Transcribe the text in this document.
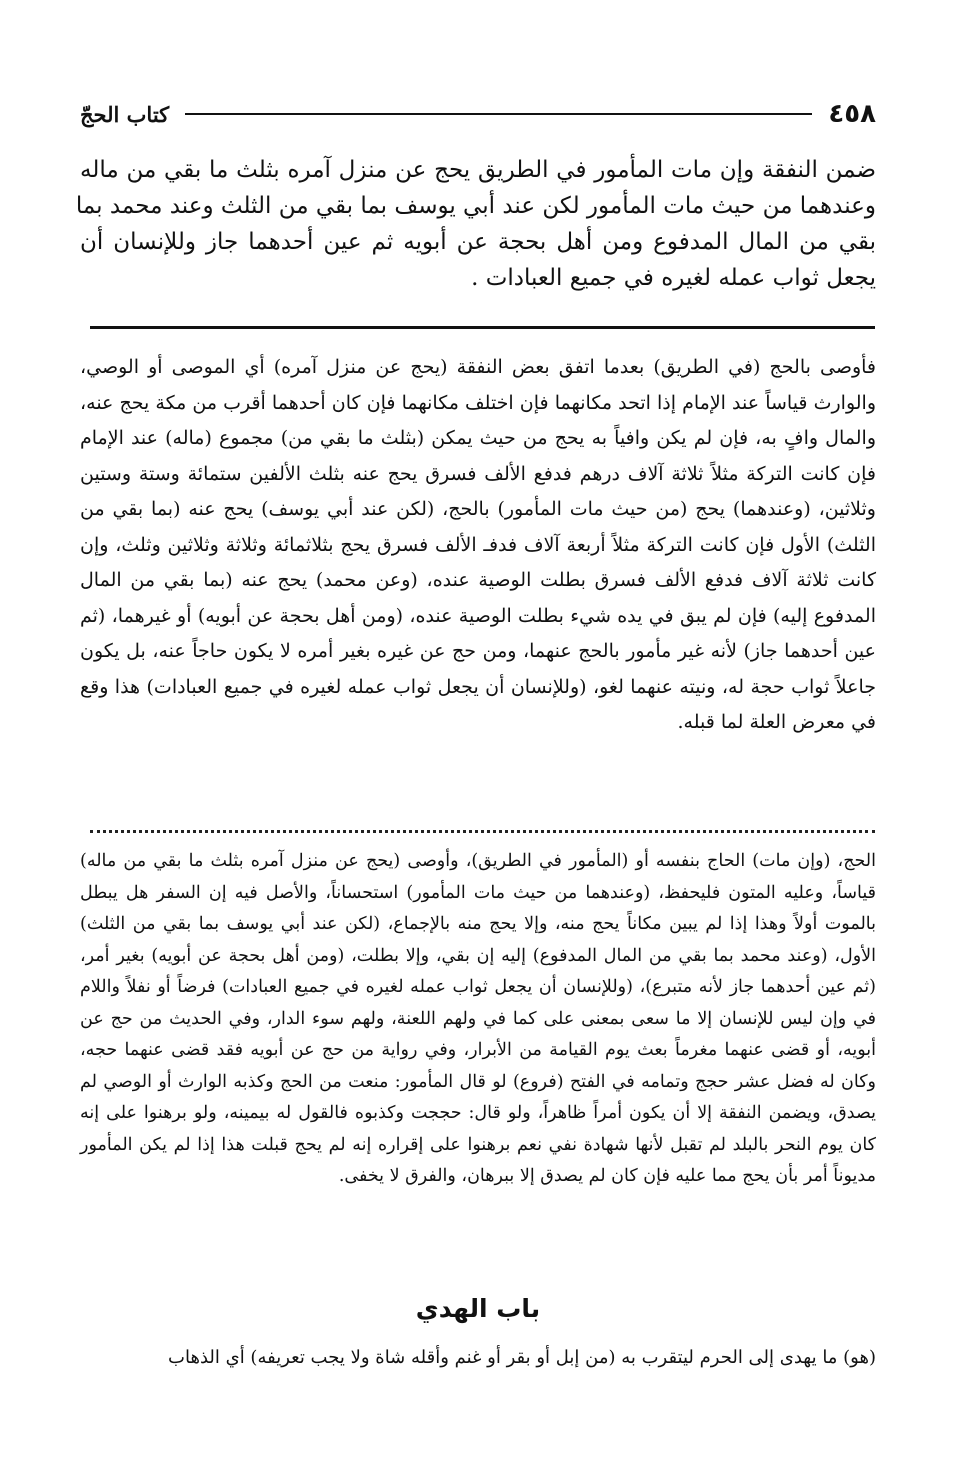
٤٥٨
كتاب الحجّ
ضمن النفقة وإن مات المأمور في الطريق يحج عن منزل آمره بثلث ما بقي من ماله
وعندهما من حيث مات المأمور لكن عند أبي يوسف بما بقي من الثلث وعند محمد بما
بقي من المال المدفوع ومن أهل بحجة عن أبويه ثم عين أحدهما جاز وللإنسان أن
يجعل ثواب عمله لغيره في جميع العبادات .

فأوصى بالحج (في الطريق) بعدما اتفق بعض النفقة (يحج عن منزل آمره) أي الموصى أو الوصي، والوارث قياساً عند الإمام إذا اتحد مكانهما فإن اختلف مكانهما فإن كان أحدهما أقرب من مكة يحج عنه، والمال وافٍ به، فإن لم يكن وافياً به يحج من حيث يمكن (بثلث ما بقي من) مجموع (ماله) عند الإمام فإن كانت التركة مثلاً ثلاثة آلاف درهم فدفع الألف فسرق يحج عنه بثلث الألفين ستمائة وستة وستين وثلاثين، (وعندهما) يحج (من حيث مات المأمور) بالحج، (لكن عند أبي يوسف) يحج عنه (بما بقي من الثلث) الأول فإن كانت التركة مثلاً أربعة آلاف فدفـ الألف فسرق يحج بثلاثمائة وثلاثة وثلاثين وثلث، وإن كانت ثلاثة آلاف فدفع الألف فسرق بطلت الوصية عنده، (وعن محمد) يحج عنه (بما بقي من المال المدفوع إليه) فإن لم يبق في يده شيء بطلت الوصية عنده، (ومن أهل بحجة عن أبويه) أو غيرهما، (ثم عين أحدهما جاز) لأنه غير مأمور بالحج عنهما، ومن حج عن غيره بغير أمره لا يكون حاجاً عنه، بل يكون جاعلاً ثواب حجة له، ونيته عنهما لغو، (وللإنسان أن يجعل ثواب عمله لغيره في جميع العبادات) هذا وقع في معرض العلة لما قبله.

الحج، (وإن مات) الحاج بنفسه أو (المأمور في الطريق)، وأوصى (يحج عن منزل آمره بثلث ما بقي من ماله) قياساً، وعليه المتون فليحفظ، (وعندهما من حيث مات المأمور) استحساناً، والأصل فيه إن السفر هل يبطل بالموت أولاً وهذا إذا لم يبين مكاناً يحج منه، وإلا يحج منه بالإجماع، (لكن عند أبي يوسف بما بقي من الثلث) الأول، (وعند محمد بما بقي من المال المدفوع) إليه إن بقي، وإلا بطلت، (ومن أهل بحجة عن أبويه) بغير أمر، (ثم عين أحدهما جاز لأنه متبرع)، (وللإنسان أن يجعل ثواب عمله لغيره في جميع العبادات) فرضاً أو نفلاً واللام في وإن ليس للإنسان إلا ما سعى بمعنى على كما في ولهم اللعنة، ولهم سوء الدار، وفي الحديث من حج عن أبويه، أو قضى عنهما مغرماً بعث يوم القيامة من الأبرار، وفي رواية من حج عن أبويه فقد قضى عنهما حجه، وكان له فضل عشر حجج وتمامه في الفتح (فروع) لو قال المأمور: منعت من الحج وكذبه الوارث أو الوصي لم يصدق، ويضمن النفقة إلا أن يكون أمراً ظاهراً، ولو قال: حججت وكذبوه فالقول له بيمينه، ولو برهنوا على إنه كان يوم النحر بالبلد لم تقبل لأنها شهادة نفي نعم برهنوا على إقراره إنه لم يحج قبلت هذا إذا لم يكن المأمور مديوناً أمر بأن يحج مما عليه فإن كان لم يصدق إلا ببرهان، والفرق لا يخفى.

باب الهدي

(هو) ما يهدى إلى الحرم ليتقرب به (من إبل أو بقر أو غنم وأقله شاة ولا يجب تعريفه) أي الذهاب
